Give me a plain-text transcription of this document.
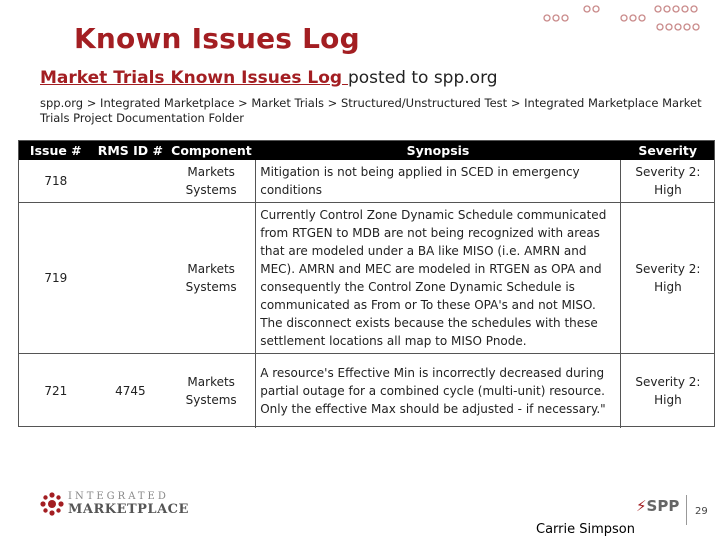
Known Issues Log
Market Trials Known Issues Log posted to spp.org
spp.org > Integrated Marketplace > Market Trials > Structured/Unstructured Test > Integrated Marketplace Market Trials Project Documentation Folder
Issue #	RMS ID #	Component	Synopsis	Severity
718		Markets Systems	Mitigation is not being applied in SCED in emergency conditions	Severity 2: High
719		Markets Systems	Currently Control Zone Dynamic Schedule communicated from RTGEN to MDB are not being recognized with areas that are modeled under a BA like MISO (i.e. AMRN and MEC). AMRN and MEC are modeled in RTGEN as OPA and consequently the Control Zone Dynamic Schedule is communicated as From or To these OPA's and not MISO. The disconnect exists because the schedules with these settlement locations all map to MISO Pnode.	Severity 2: High
721	4745	Markets Systems	A resource's Effective Min is incorrectly decreased during partial outage for a combined cycle (multi-unit) resource. Only the effective Max should be adjusted - if necessary."	Severity 2: High
INTEGRATED
MARKETPLACE	⚡SPP 29
Carrie Simpson
